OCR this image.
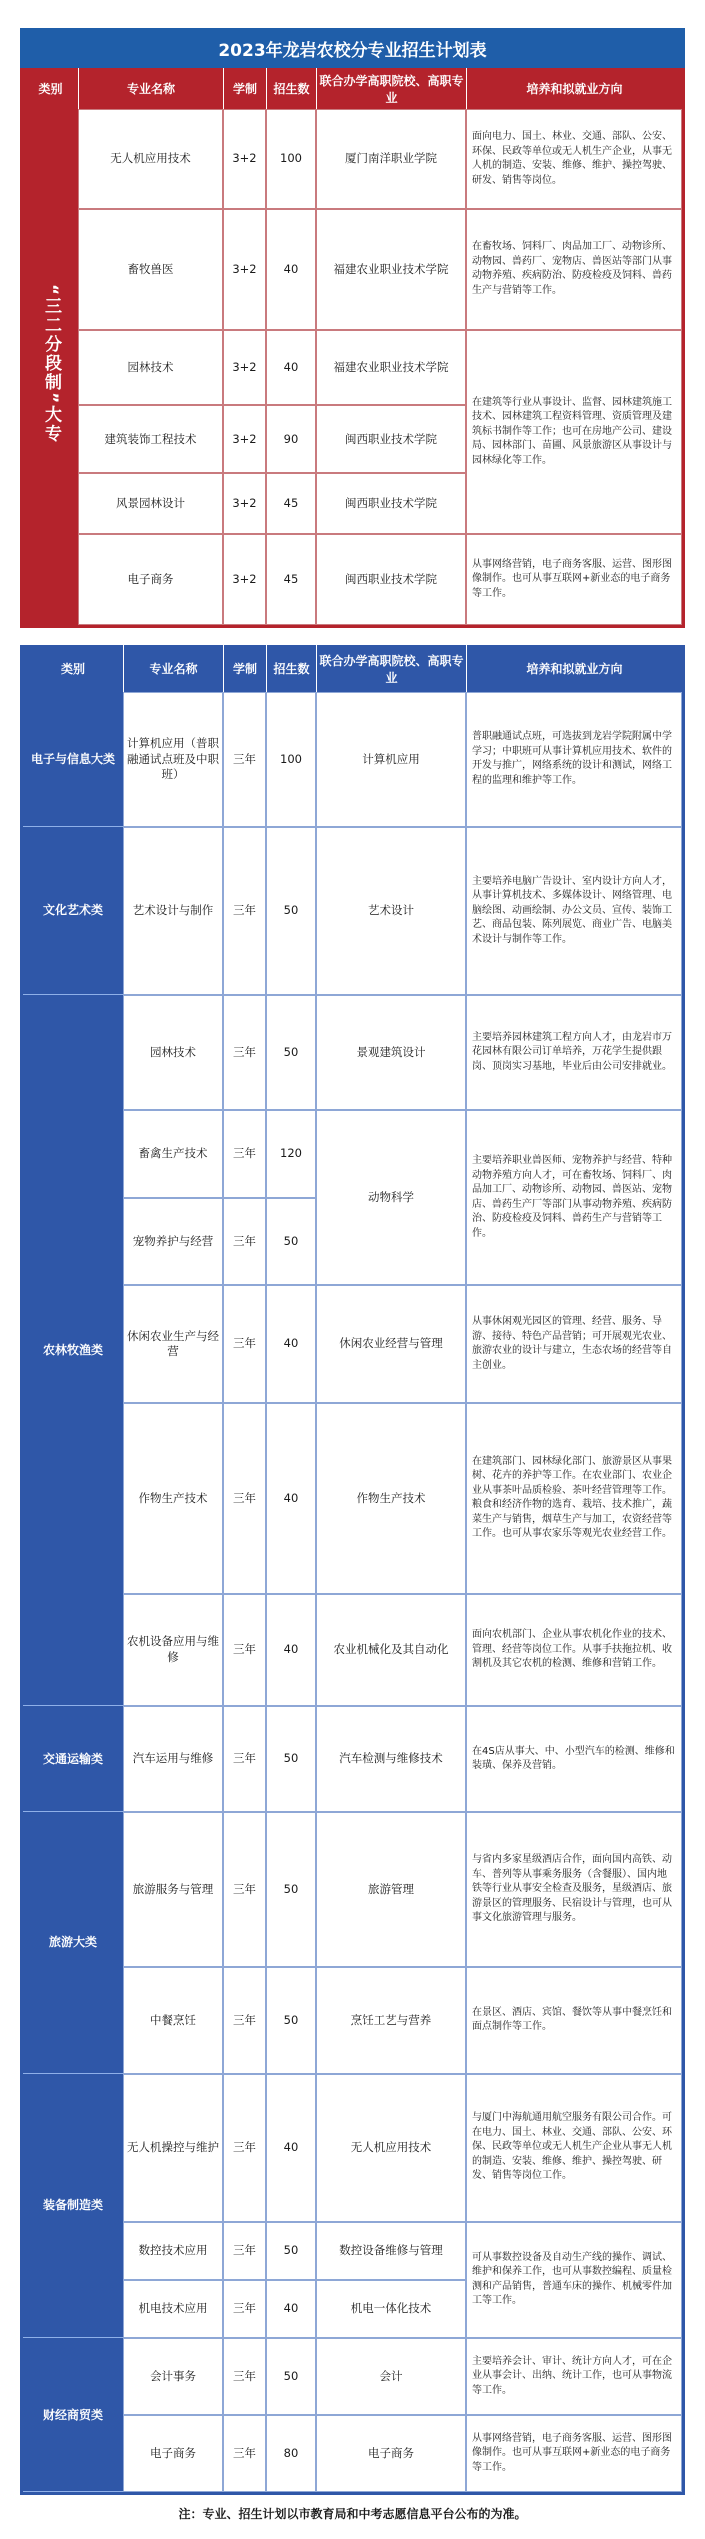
2023年龙岩农校分专业招生计划表
类别	专业名称	学制	招生数	联合办学高职院校、高职专业	培养和拟就业方向
“三二分段制”大专	无人机应用技术	3+2	100	厦门南洋职业学院	面向电力、国土、林业、交通、部队、公安、环保、民政等单位或无人机生产企业，从事无人机的制造、安装、维修、维护、操控驾驶、研发、销售等岗位。
	畜牧兽医	3+2	40	福建农业职业技术学院	在畜牧场、饲料厂、肉品加工厂、动物诊所、动物园、兽药厂、宠物店、兽医站等部门从事动物养殖、疾病防治、防疫检疫及饲料、兽药生产与营销等工作。
	园林技术	3+2	40	福建农业职业技术学院	在建筑等行业从事设计、监督、园林建筑施工技术、园林建筑工程资料管理、资质管理及建筑标书制作等工作；也可在房地产公司、建设局、园林部门、苗圃、风景旅游区从事设计与园林绿化等工作。
	建筑装饰工程技术	3+2	90	闽西职业技术学院	
	风景园林设计	3+2	45	闽西职业技术学院	
	电子商务	3+2	45	闽西职业技术学院	从事网络营销，电子商务客服、运营、图形图像制作。也可从事互联网+新业态的电子商务等工作。
类别	专业名称	学制	招生数	联合办学高职院校、高职专业	培养和拟就业方向
电子与信息大类	计算机应用（普职融通试点班及中职班）	三年	100	计算机应用	普职融通试点班，可选拔到龙岩学院附属中学学习；中职班可从事计算机应用技术、软件的开发与推广，网络系统的设计和测试，网络工程的监理和维护等工作。
文化艺术类	艺术设计与制作	三年	50	艺术设计	主要培养电脑广告设计、室内设计方向人才，从事计算机技术、多媒体设计、网络管理、电脑绘图、动画绘制、办公文员、宣传、装饰工艺、商品包装、陈列展览、商业广告、电脑美术设计与制作等工作。
农林牧渔类	园林技术	三年	50	景观建筑设计	主要培养园林建筑工程方向人才，由龙岩市万花园林有限公司订单培养，万花学生提供跟岗、顶岗实习基地，毕业后由公司安排就业。
	畜禽生产技术	三年	120	动物科学	主要培养职业兽医师、宠物养护与经营、特种动物养殖方向人才，可在畜牧场、饲料厂、肉品加工厂、动物诊所、动物园、兽医站、宠物店、兽药生产厂等部门从事动物养殖、疾病防治、防疫检疫及饲料、兽药生产与营销等工作。
	宠物养护与经营	三年	50		
	休闲农业生产与经营	三年	40	休闲农业经营与管理	从事休闲观光园区的管理、经营、服务、导游、接待、特色产品营销；可开展观光农业、旅游农业的设计与建立，生态农场的经营等自主创业。
	作物生产技术	三年	40	作物生产技术	在建筑部门、园林绿化部门、旅游景区从事果树、花卉的养护等工作。在农业部门、农业企业从事茶叶品质检验、茶叶经营管理等工作。粮食和经济作物的选育、栽培、技术推广，蔬菜生产与销售，烟草生产与加工，农资经营等工作。也可从事农家乐等观光农业经营工作。
	农机设备应用与维修	三年	40	农业机械化及其自动化	面向农机部门、企业从事农机化作业的技术、管理、经营等岗位工作。从事手扶拖拉机、收割机及其它农机的检测、维修和营销工作。
交通运输类	汽车运用与维修	三年	50	汽车检测与维修技术	在4S店从事大、中、小型汽车的检测、维修和装璜、保养及营销。
旅游大类	旅游服务与管理	三年	50	旅游管理	与省内多家星级酒店合作，面向国内高铁、动车、普列等从事乘务服务（含餐服）、国内地铁等行业从事安全检查及服务，星级酒店、旅游景区的管理服务、民宿设计与管理，也可从事文化旅游管理与服务。
	中餐烹饪	三年	50	烹饪工艺与营养	在景区、酒店、宾馆、餐饮等从事中餐烹饪和面点制作等工作。
装备制造类	无人机操控与维护	三年	40	无人机应用技术	与厦门中海航通用航空服务有限公司合作。可在电力、国土、林业、交通、部队、公安、环保、民政等单位或无人机生产企业从事无人机的制造、安装、维修、维护、操控驾驶、研发、销售等岗位工作。
	数控技术应用	三年	50	数控设备维修与管理	可从事数控设备及自动生产线的操作、调试、维护和保养工作，也可从事数控编程、质量检测和产品销售，普通车床的操作、机械零件加工等工作。
	机电技术应用	三年	40	机电一体化技术	
财经商贸类	会计事务	三年	50	会计	主要培养会计、审计、统计方向人才，可在企业从事会计、出纳、统计工作，也可从事物流等工作。
	电子商务	三年	80	电子商务	从事网络营销，电子商务客服、运营、图形图像制作。也可从事互联网+新业态的电子商务等工作。
注：专业、招生计划以市教育局和中考志愿信息平台公布的为准。
